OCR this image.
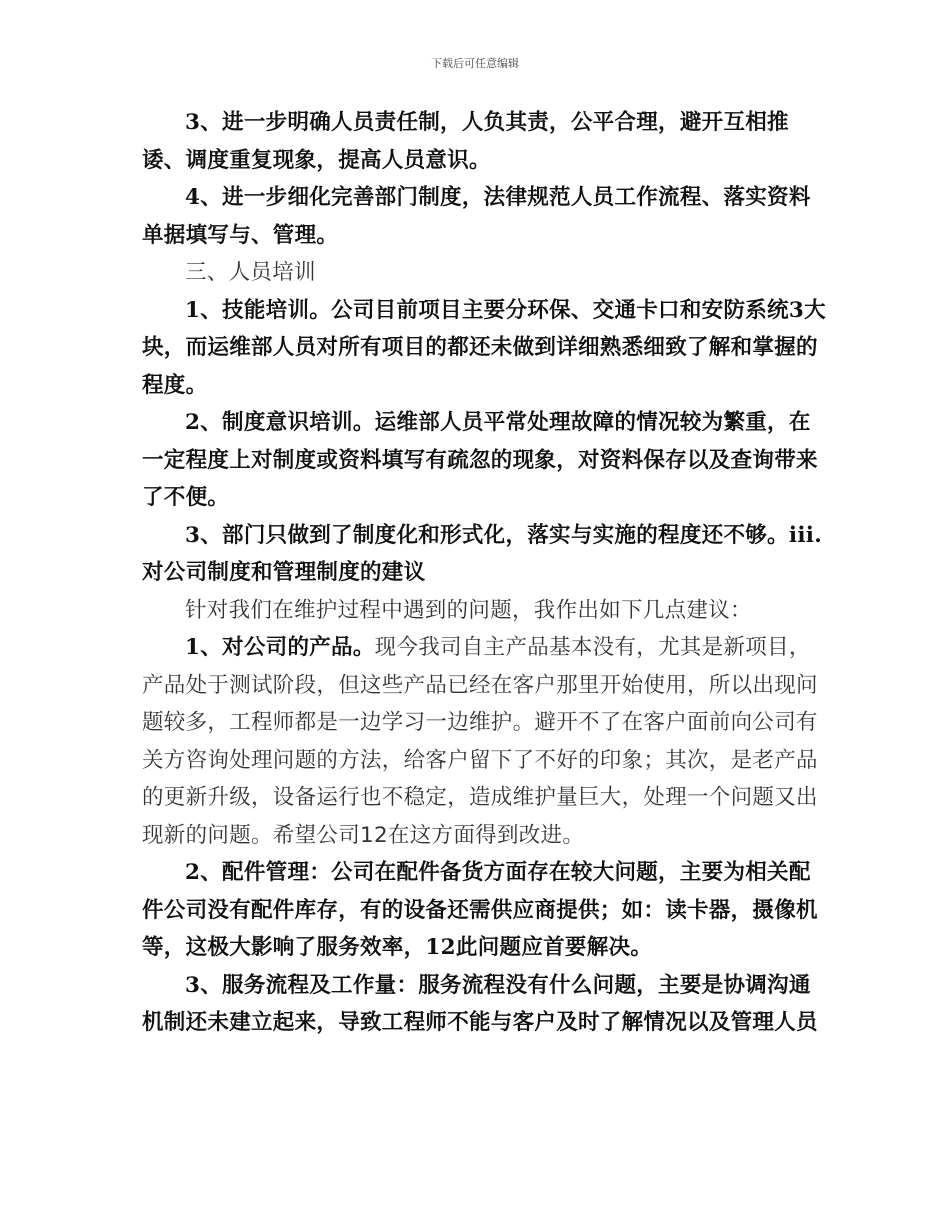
下载后可任意编辑

3、进一步明确人员责任制，人负其责，公平合理，避开互相推诿、调度重复现象，提高人员意识。

4、进一步细化完善部门制度，法律规范人员工作流程、落实资料单据填写与、管理。

三、人员培训

1、技能培训。公司目前项目主要分环保、交通卡口和安防系统3大块，而运维部人员对所有项目的都还未做到详细熟悉细致了解和掌握的程度。

2、制度意识培训。运维部人员平常处理故障的情况较为繁重，在一定程度上对制度或资料填写有疏忽的现象，对资料保存以及查询带来了不便。

3、部门只做到了制度化和形式化，落实与实施的程度还不够。iii.对公司制度和管理制度的建议

针对我们在维护过程中遇到的问题，我作出如下几点建议：

1、对公司的产品。现今我司自主产品基本没有，尤其是新项目，产品处于测试阶段，但这些产品已经在客户那里开始使用，所以出现问题较多，工程师都是一边学习一边维护。避开不了在客户面前向公司有关方咨询处理问题的方法，给客户留下了不好的印象；其次，是老产品的更新升级，设备运行也不稳定，造成维护量巨大，处理一个问题又出现新的问题。希望公司12在这方面得到改进。

2、配件管理：公司在配件备货方面存在较大问题，主要为相关配件公司没有配件库存，有的设备还需供应商提供；如：读卡器，摄像机等，这极大影响了服务效率，12此问题应首要解决。

3、服务流程及工作量：服务流程没有什么问题，主要是协调沟通机制还未建立起来，导致工程师不能与客户及时了解情况以及管理人员
